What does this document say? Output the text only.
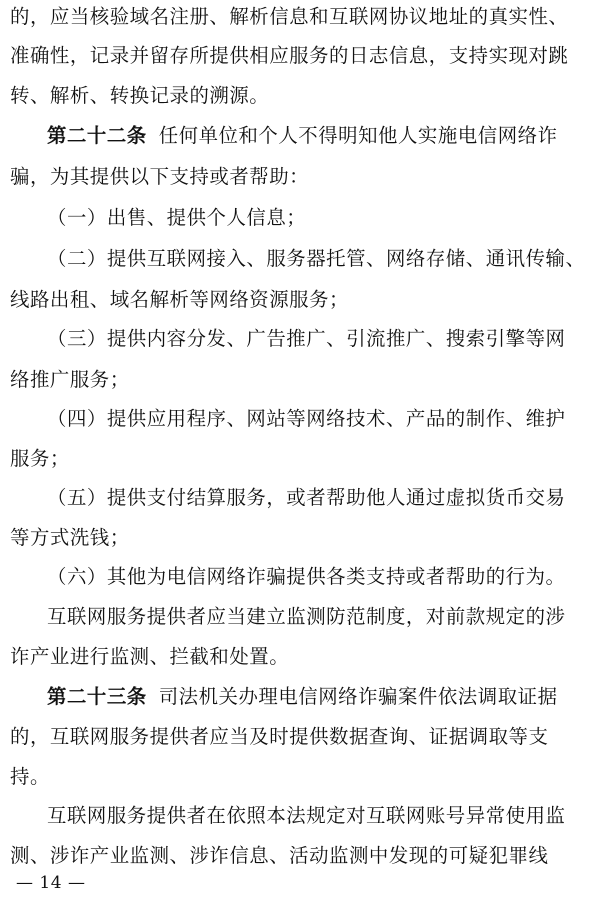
的，应当核验域名注册、解析信息和互联网协议地址的真实性、
准确性，记录并留存所提供相应服务的日志信息，支持实现对跳
转、解析、转换记录的溯源。
第二十二条 任何单位和个人不得明知他人实施电信网络诈
骗，为其提供以下支持或者帮助：
（一）出售、提供个人信息；
（二）提供互联网接入、服务器托管、网络存储、通讯传输、
线路出租、域名解析等网络资源服务；
（三）提供内容分发、广告推广、引流推广、搜索引擎等网
络推广服务；
（四）提供应用程序、网站等网络技术、产品的制作、维护
服务；
（五）提供支付结算服务，或者帮助他人通过虚拟货币交易
等方式洗钱；
（六）其他为电信网络诈骗提供各类支持或者帮助的行为。
互联网服务提供者应当建立监测防范制度，对前款规定的涉
诈产业进行监测、拦截和处置。
第二十三条 司法机关办理电信网络诈骗案件依法调取证据
的，互联网服务提供者应当及时提供数据查询、证据调取等支
持。
互联网服务提供者在依照本法规定对互联网账号异常使用监
测、涉诈产业监测、涉诈信息、活动监测中发现的可疑犯罪线
— 14 —
